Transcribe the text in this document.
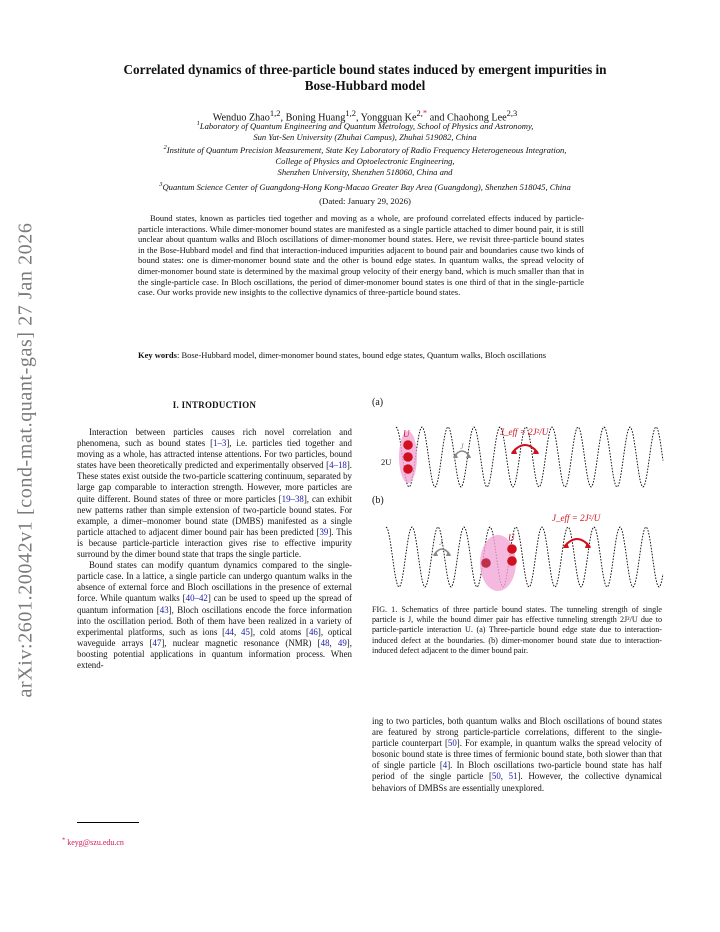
arXiv:2601.20042v1 [cond-mat.quant-gas] 27 Jan 2026
Correlated dynamics of three-particle bound states induced by emergent impurities in
Bose-Hubbard model
Wenduo Zhao$^{1,2}$, Boning Huang$^{1,2}$, Yongguan $Ke^{2,*}$ and Chaohong Lee$^{2,3}$
$^1$Laboratory of Quantum Engineering and Quantum Metrology, School of Physics and Astronomy,
Sun Yat-Sen University (Zhuhai Campus), Zhuhai 519082, China
$^2$Institute of Quantum Precision Measurement, State Key Laboratory of Radio Frequency Heterogeneous Integration,
College of Physics and Optoelectronic Engineering,
Shenzhen University, Shenzhen 518060, China and
$^3$Quantum Science Center of Guangdong-Hong Kong-Macao Greater Bay Area (Guangdong), Shenzhen 518045, China
(Dated: January 29, 2026)
Bound states, known as particles tied together and moving as a whole, are profound correlated effects induced by particle-particle interactions. While dimer-monomer bound states are manifested as a single particle attached to dimer bound pair, it is still unclear about quantum walks and Bloch oscillations of dimer-monomer bound states. Here, we revisit three-particle bound states in the Bose-Hubbard model and find that interaction-induced impurities adjacent to bound pair and boundaries cause two kinds of bound states: one is dimer-monomer bound state and the other is bound edge states. In quantum walks, the spread velocity of dimer-monomer bound state is determined by the maximal group velocity of their energy band, which is much smaller than that in the single-particle case. In Bloch oscillations, the period of dimer-monomer bound states is one third of that in the single-particle case. Our works provide new insights to the collective dynamics of three-particle bound states.
Key words: Bose-Hubbard model, dimer-monomer bound states, bound edge states, Quantum walks, Bloch oscillations
I. INTRODUCTION

Interaction between particles causes rich novel correlation and phenomena, such as bound states [1–3], i.e. particles tied together and moving as a whole, has attracted intense attentions. For two particles, bound states have been theoretically predicted and experimentally observed [4–18]. These states exist outside the two-particle scattering continuum, separated by large gap comparable to interaction strength. However, more particles are quite different. Bound states of three or more particles [19–38], can exhibit new patterns rather than simple extension of two-particle bound states. For example, a dimer–monomer bound state (DMBS) manifested as a single particle attached to adjacent dimer bound pair has been predicted [39]. This is because particle-particle interaction gives rise to effective impurity surround by the dimer bound state that traps the single particle.

Bound states can modify quantum dynamics compared to the single-particle case. In a lattice, a single particle can undergo quantum walks in the absence of external force and Bloch oscillations in the presence of external force. While quantum walks [40–42] can be used to speed up the spread of quantum information [43], Bloch oscillations encode the force information into the oscillation period. Both of them have been realized in a variety of experimental platforms, such as ions [44, 45], cold atoms [46], optical waveguide arrays [47], nuclear magnetic resonance (NMR) [48, 49], boosting potential applications in quantum information process. When extend-

(a)
(b)
U
2U
J
J_eff = 2J²/U
U
J
J_eff = 2J²/U
FIG. 1. Schematics of three particle bound states. The tunneling strength of single particle is J, while the bound dimer pair has effective tunneling strength 2J²/U due to particle-particle interaction U. (a) Three-particle bound edge state due to interaction-induced defect at the boundaries. (b) dimer-monomer bound state due to interaction-induced defect adjacent to the dimer bound pair.

ing to two particles, both quantum walks and Bloch oscillations of bound states are featured by strong particle-particle correlations, different to the single-particle counterpart [50]. For example, in quantum walks the spread velocity of bosonic bound state is three times of fermionic bound state, both slower than that of single particle [4]. In Bloch oscillations two-particle bound state has half period of the single particle [50, 51]. However, the collective dynamical behaviors of DMBSs are essentially unexplored.

* keyg@szu.edu.cn
